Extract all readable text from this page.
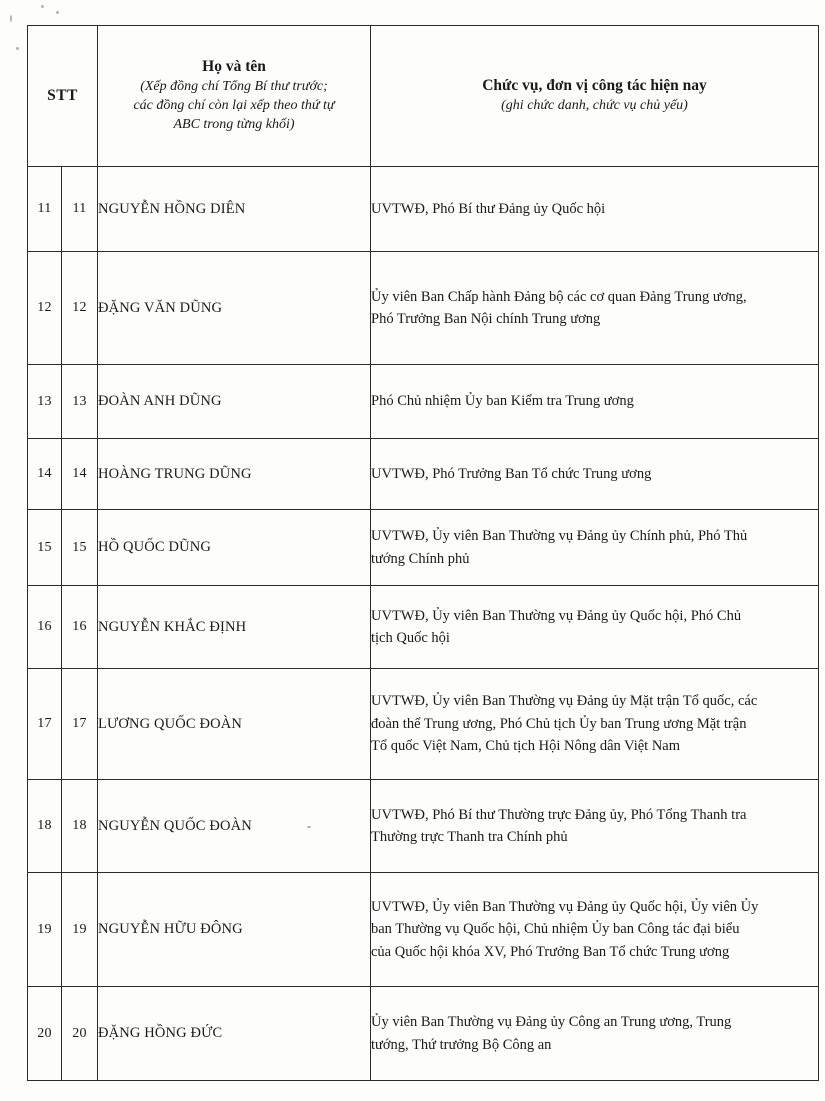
STT		Họ và tên
(Xếp đồng chí Tổng Bí thư trước;
các đồng chí còn lại xếp theo thứ tự
ABC trong từng khối)	Chức vụ, đơn vị công tác hiện nay
(ghi chức danh, chức vụ chủ yếu)

11	11	NGUYỄN HỒNG DIÊN	UVTWĐ, Phó Bí thư Đảng ủy Quốc hội

12	12	ĐẶNG VĂN DŨNG	Ủy viên Ban Chấp hành Đảng bộ các cơ quan Đảng Trung ương,
Phó Trưởng Ban Nội chính Trung ương

13	13	ĐOÀN ANH DŨNG	Phó Chủ nhiệm Ủy ban Kiểm tra Trung ương

14	14	HOÀNG TRUNG DŨNG	UVTWĐ, Phó Trưởng Ban Tổ chức Trung ương

15	15	HỒ QUỐC DŨNG	UVTWĐ, Ủy viên Ban Thường vụ Đảng ủy Chính phủ, Phó Thủ
tướng Chính phủ

16	16	NGUYỄN KHẮC ĐỊNH	UVTWĐ, Ủy viên Ban Thường vụ Đảng ủy Quốc hội, Phó Chủ
tịch Quốc hội

17	17	LƯƠNG QUỐC ĐOÀN	UVTWĐ, Ủy viên Ban Thường vụ Đảng ủy Mặt trận Tổ quốc, các
đoàn thể Trung ương, Phó Chủ tịch Ủy ban Trung ương Mặt trận
Tổ quốc Việt Nam, Chủ tịch Hội Nông dân Việt Nam

18	18	NGUYỄN QUỐC ĐOÀN	UVTWĐ, Phó Bí thư Thường trực Đảng ủy, Phó Tổng Thanh tra
Thường trực Thanh tra Chính phủ

19	19	NGUYỄN HỮU ĐÔNG	UVTWĐ, Ủy viên Ban Thường vụ Đảng ủy Quốc hội, Ủy viên Ủy
ban Thường vụ Quốc hội, Chủ nhiệm Ủy ban Công tác đại biểu
của Quốc hội khóa XV, Phó Trưởng Ban Tổ chức Trung ương

20	20	ĐẶNG HỒNG ĐỨC	Ủy viên Ban Thường vụ Đảng ủy Công an Trung ương, Trung
tướng, Thứ trưởng Bộ Công an
